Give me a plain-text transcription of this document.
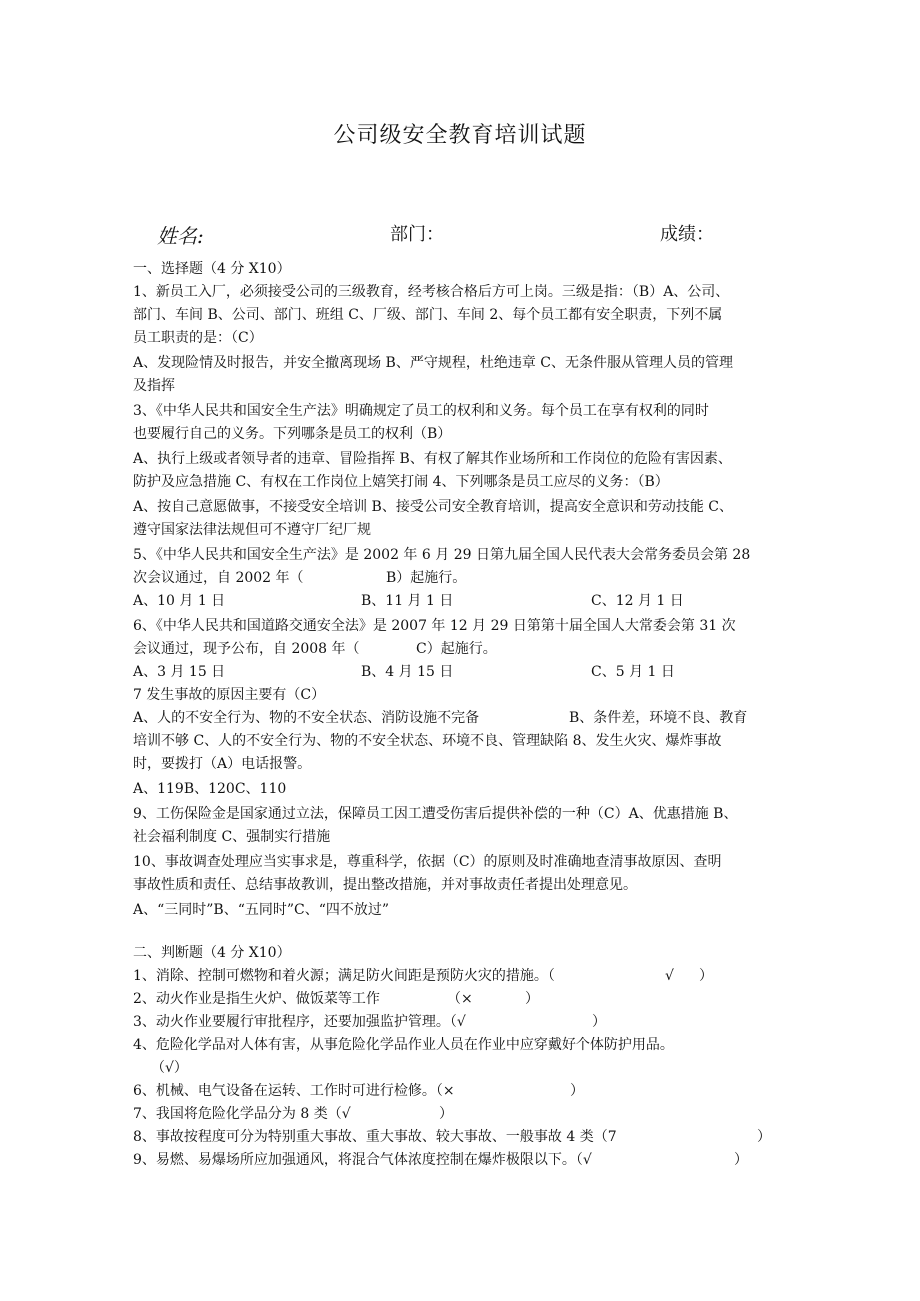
公司级安全教育培训试题
姓名:	部门：	成绩：
一、选择题（4 分 X10）
1、新员工入厂，必须接受公司的三级教育，经考核合格后方可上岗。三级是指：（B）A、公司、
部门、车间 B、公司、部门、班组 C、厂级、部门、车间 2、每个员工都有安全职责，下列不属
员工职责的是：（C）
A、发现险情及时报告，并安全撤离现场 B、严守规程，杜绝违章 C、无条件服从管理人员的管理
及指挥
3、《中华人民共和国安全生产法》明确规定了员工的权利和义务。每个员工在享有权利的同时
也要履行自己的义务。下列哪条是员工的权利（B）
A、执行上级或者领导者的违章、冒险指挥 B、有权了解其作业场所和工作岗位的危险有害因素、
防护及应急措施 C、有权在工作岗位上嬉笑打闹 4、下列哪条是员工应尽的义务：（B）
A、按自己意愿做事，不接受安全培训 B、接受公司安全教育培训，提高安全意识和劳动技能 C、
遵守国家法律法规但可不遵守厂纪厂规
5、《中华人民共和国安全生产法》是 2002 年 6 月 29 日第九届全国人民代表大会常务委员会第 28
次会议通过，自 2002 年（	B）起施行。
A、10 月 1 日	B、11 月 1 日	C、12 月 1 日
6、《中华人民共和国道路交通安全法》是 2007 年 12 月 29 日第第十届全国人大常委会第 31 次
会议通过，现予公布，自 2008 年（	C）起施行。
A、3 月 15 日	B、4 月 15 日	C、5 月 1 日
7 发生事故的原因主要有（C）
A、人的不安全行为、物的不安全状态、消防设施不完备	B、条件差，环境不良、教育
培训不够 C、人的不安全行为、物的不安全状态、环境不良、管理缺陷 8、发生火灾、爆炸事故
时，要拨打（A）电话报警。
A、119B、120C、110
9、工伤保险金是国家通过立法，保障员工因工遭受伤害后提供补偿的一种（C）A、优惠措施 B、
社会福利制度 C、强制实行措施
10、事故调查处理应当实事求是，尊重科学，依据（C）的原则及时准确地查清事故原因、查明
事故性质和责任、总结事故教训，提出整改措施，并对事故责任者提出处理意见。
A、“三同时”B、“五同时”C、“四不放过”
二、判断题（4 分 X10）
1、消除、控制可燃物和着火源；满足防火间距是预防火灾的措施。（	√ ）
2、动火作业是指生火炉、做饭菜等工作	（×	）
3、动火作业要履行审批程序，还要加强监护管理。（√	）
4、危险化学品对人体有害，从事危险化学品作业人员在作业中应穿戴好个体防护用品。
（√）
6、机械、电气设备在运转、工作时可进行检修。（×	）
7、我国将危险化学品分为 8 类（√	）
8、事故按程度可分为特别重大事故、重大事故、较大事故、一般事故 4 类（7	）
9、易燃、易爆场所应加强通风，将混合气体浓度控制在爆炸极限以下。（√	）
